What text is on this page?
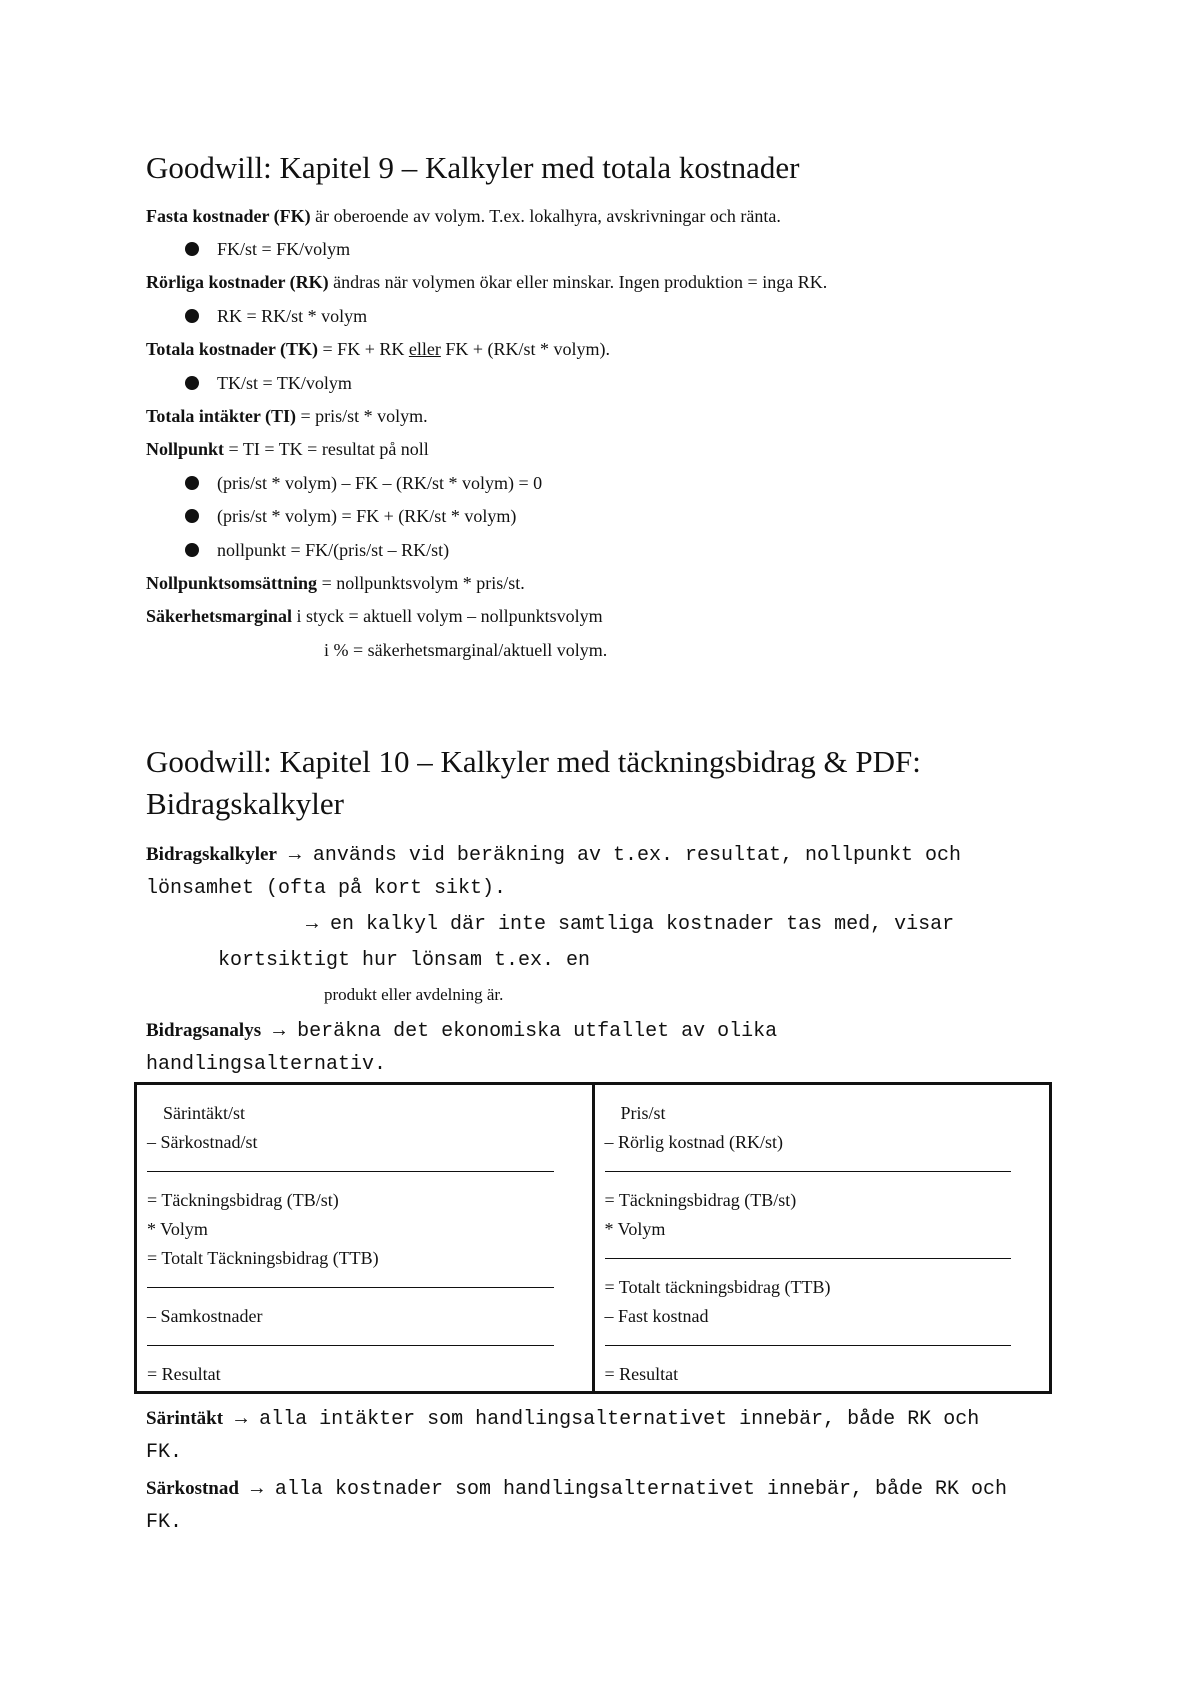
Goodwill: Kapitel 9 – Kalkyler med totala kostnader
Fasta kostnader (FK) är oberoende av volym. T.ex. lokalhyra, avskrivningar och ränta.
FK/st = FK/volym
Rörliga kostnader (RK) ändras när volymen ökar eller minskar. Ingen produktion = inga RK.
RK = RK/st * volym
Totala kostnader (TK) = FK + RK eller FK + (RK/st * volym).
TK/st = TK/volym
Totala intäkter (TI) = pris/st * volym.
Nollpunkt = TI = TK = resultat på noll
(pris/st * volym) – FK – (RK/st * volym) = 0
(pris/st * volym) = FK + (RK/st * volym)
nollpunkt = FK/(pris/st – RK/st)
Nollpunktsomsättning = nollpunktsvolym * pris/st.
Säkerhetsmarginal i styck = aktuell volym – nollpunktsvolym
i % = säkerhetsmarginal/aktuell volym.
Goodwill: Kapitel 10 – Kalkyler med täckningsbidrag & PDF:
Bidragskalkyler
Bidragskalkyler → används vid beräkning av t.ex. resultat, nollpunkt och
lönsamhet (ofta på kort sikt).
→ en kalkyl där inte samtliga kostnader tas med, visar
kortsiktigt hur lönsam t.ex. en
produkt eller avdelning är.
Bidragsanalys → beräkna det ekonomiska utfallet av olika
handlingsalternativ.
Särintäkt/st
– Särkostnad/st
= Täckningsbidrag (TB/st)
* Volym
= Totalt Täckningsbidrag (TTB)
– Samkostnader
= Resultat
Pris/st
– Rörlig kostnad (RK/st)
= Täckningsbidrag (TB/st)
* Volym
= Totalt täckningsbidrag (TTB)
– Fast kostnad
= Resultat
Särintäkt → alla intäkter som handlingsalternativet innebär, både RK och
FK.
Särkostnad → alla kostnader som handlingsalternativet innebär, både RK och
FK.
